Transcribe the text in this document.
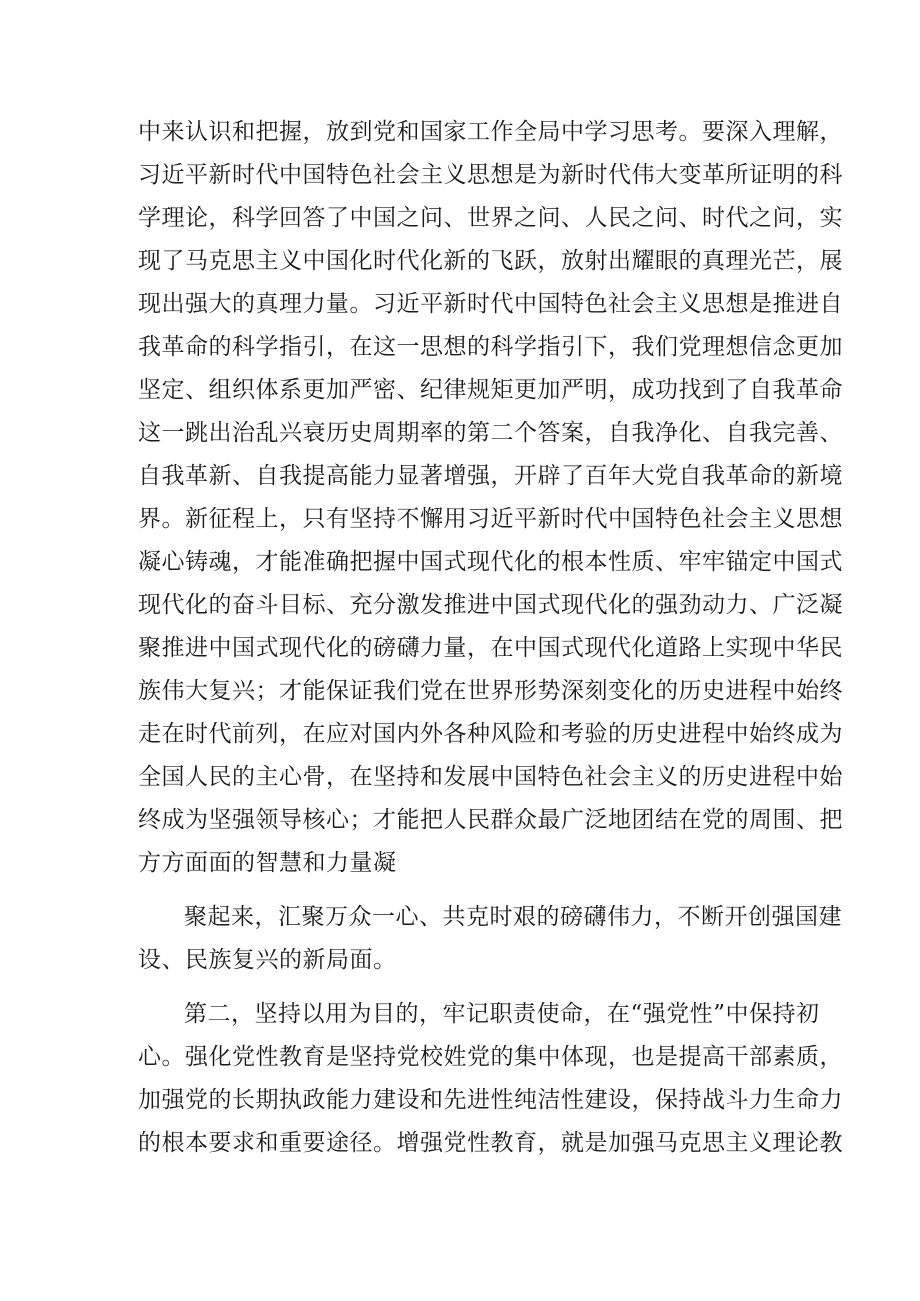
中来认识和把握，放到党和国家工作全局中学习思考。要深入理解，
习近平新时代中国特色社会主义思想是为新时代伟大变革所证明的科
学理论，科学回答了中国之问、世界之问、人民之问、时代之问，实
现了马克思主义中国化时代化新的飞跃，放射出耀眼的真理光芒，展
现出强大的真理力量。习近平新时代中国特色社会主义思想是推进自
我革命的科学指引，在这一思想的科学指引下，我们党理想信念更加
坚定、组织体系更加严密、纪律规矩更加严明，成功找到了自我革命
这一跳出治乱兴衰历史周期率的第二个答案，自我净化、自我完善、
自我革新、自我提高能力显著增强，开辟了百年大党自我革命的新境
界。新征程上，只有坚持不懈用习近平新时代中国特色社会主义思想
凝心铸魂，才能准确把握中国式现代化的根本性质、牢牢锚定中国式
现代化的奋斗目标、充分激发推进中国式现代化的强劲动力、广泛凝
聚推进中国式现代化的磅礴力量，在中国式现代化道路上实现中华民
族伟大复兴；才能保证我们党在世界形势深刻变化的历史进程中始终
走在时代前列，在应对国内外各种风险和考验的历史进程中始终成为
全国人民的主心骨，在坚持和发展中国特色社会主义的历史进程中始
终成为坚强领导核心；才能把人民群众最广泛地团结在党的周围、把
方方面面的智慧和力量凝
聚起来，汇聚万众一心、共克时艰的磅礴伟力，不断开创强国建
设、民族复兴的新局面。
第二，坚持以用为目的，牢记职责使命，在“强党性”中保持初
心。强化党性教育是坚持党校姓党的集中体现，也是提高干部素质，
加强党的长期执政能力建设和先进性纯洁性建设，保持战斗力生命力
的根本要求和重要途径。增强党性教育，就是加强马克思主义理论教
